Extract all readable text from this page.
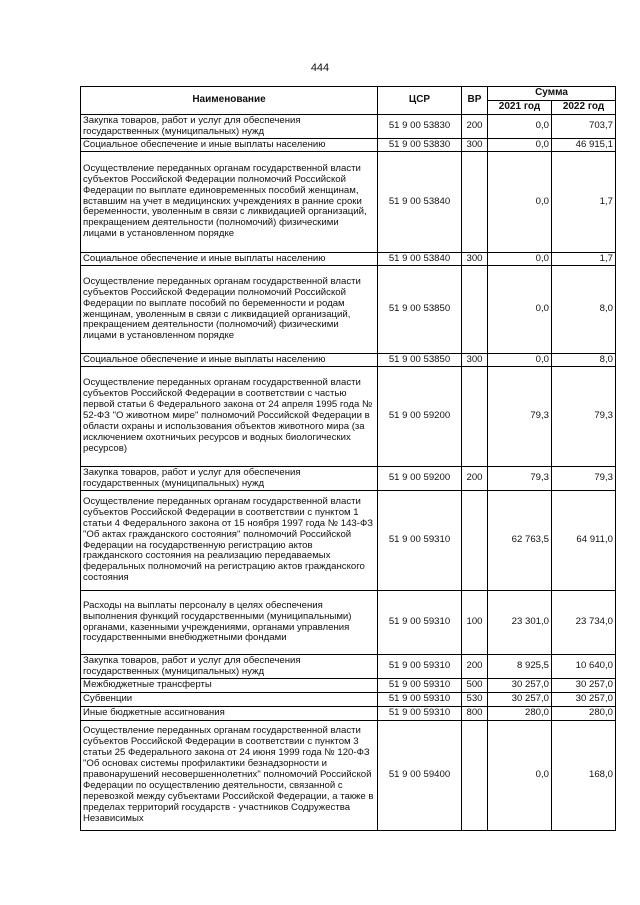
444
Наименование	ЦСР	ВР	Сумма	
			2021 год	2022 год
Закупка товаров, работ и услуг для обеспечения государственных (муниципальных) нужд	51 9 00 53830	200	0,0	703,7
Социальное обеспечение и иные выплаты населению	51 9 00 53830	300	0,0	46 915,1
Осуществление переданных органам государственной власти субъектов Российской Федерации полномочий Российской Федерации по выплате единовременных пособий женщинам, вставшим на учет в медицинских учреждениях в ранние сроки беременности, уволенным в связи с ликвидацией организаций, прекращением деятельности (полномочий) физическими лицами в установленном порядке	51 9 00 53840		0,0	1,7
Социальное обеспечение и иные выплаты населению	51 9 00 53840	300	0,0	1,7
Осуществление переданных органам государственной власти субъектов Российской Федерации полномочий Российской Федерации по выплате пособий по беременности и родам женщинам, уволенным в связи с ликвидацией организаций, прекращением деятельности (полномочий) физическими лицами в установленном порядке	51 9 00 53850		0,0	8,0
Социальное обеспечение и иные выплаты населению	51 9 00 53850	300	0,0	8,0
Осуществление переданных органам государственной власти субъектов Российской Федерации в соответствии с частью первой статьи 6 Федерального закона от 24 апреля 1995 года № 52-ФЗ "О животном мире" полномочий Российской Федерации в области охраны и использования объектов животного мира (за исключением охотничьих ресурсов и водных биологических ресурсов)	51 9 00 59200		79,3	79,3
Закупка товаров, работ и услуг для обеспечения государственных (муниципальных) нужд	51 9 00 59200	200	79,3	79,3
Осуществление переданных органам государственной власти субъектов Российской Федерации в соответствии с пунктом 1 статьи 4 Федерального закона от 15 ноября 1997 года № 143-ФЗ "Об актах гражданского состояния" полномочий Российской Федерации на государственную регистрацию актов гражданского состояния на реализацию передаваемых федеральных полномочий на регистрацию актов гражданского состояния	51 9 00 59310		62 763,5	64 911,0
Расходы на выплаты персоналу в целях обеспечения выполнения функций государственными (муниципальными) органами, казенными учреждениями, органами управления государственными внебюджетными фондами	51 9 00 59310	100	23 301,0	23 734,0
Закупка товаров, работ и услуг для обеспечения государственных (муниципальных) нужд	51 9 00 59310	200	8 925,5	10 640,0
Межбюджетные трансферты	51 9 00 59310	500	30 257,0	30 257,0
Субвенции	51 9 00 59310	530	30 257,0	30 257,0
Иные бюджетные ассигнования	51 9 00 59310	800	280,0	280,0
Осуществление переданных органам государственной власти субъектов Российской Федерации в соответствии с пунктом 3 статьи 25 Федерального закона от 24 июня 1999 года № 120-ФЗ "Об основах системы профилактики безнадзорности и правонарушений несовершеннолетних" полномочий Российской Федерации по осуществлению деятельности, связанной с перевозкой между субъектами Российской Федерации, а также в пределах территорий государств - участников Содружества Независимых	51 9 00 59400		0,0	168,0
